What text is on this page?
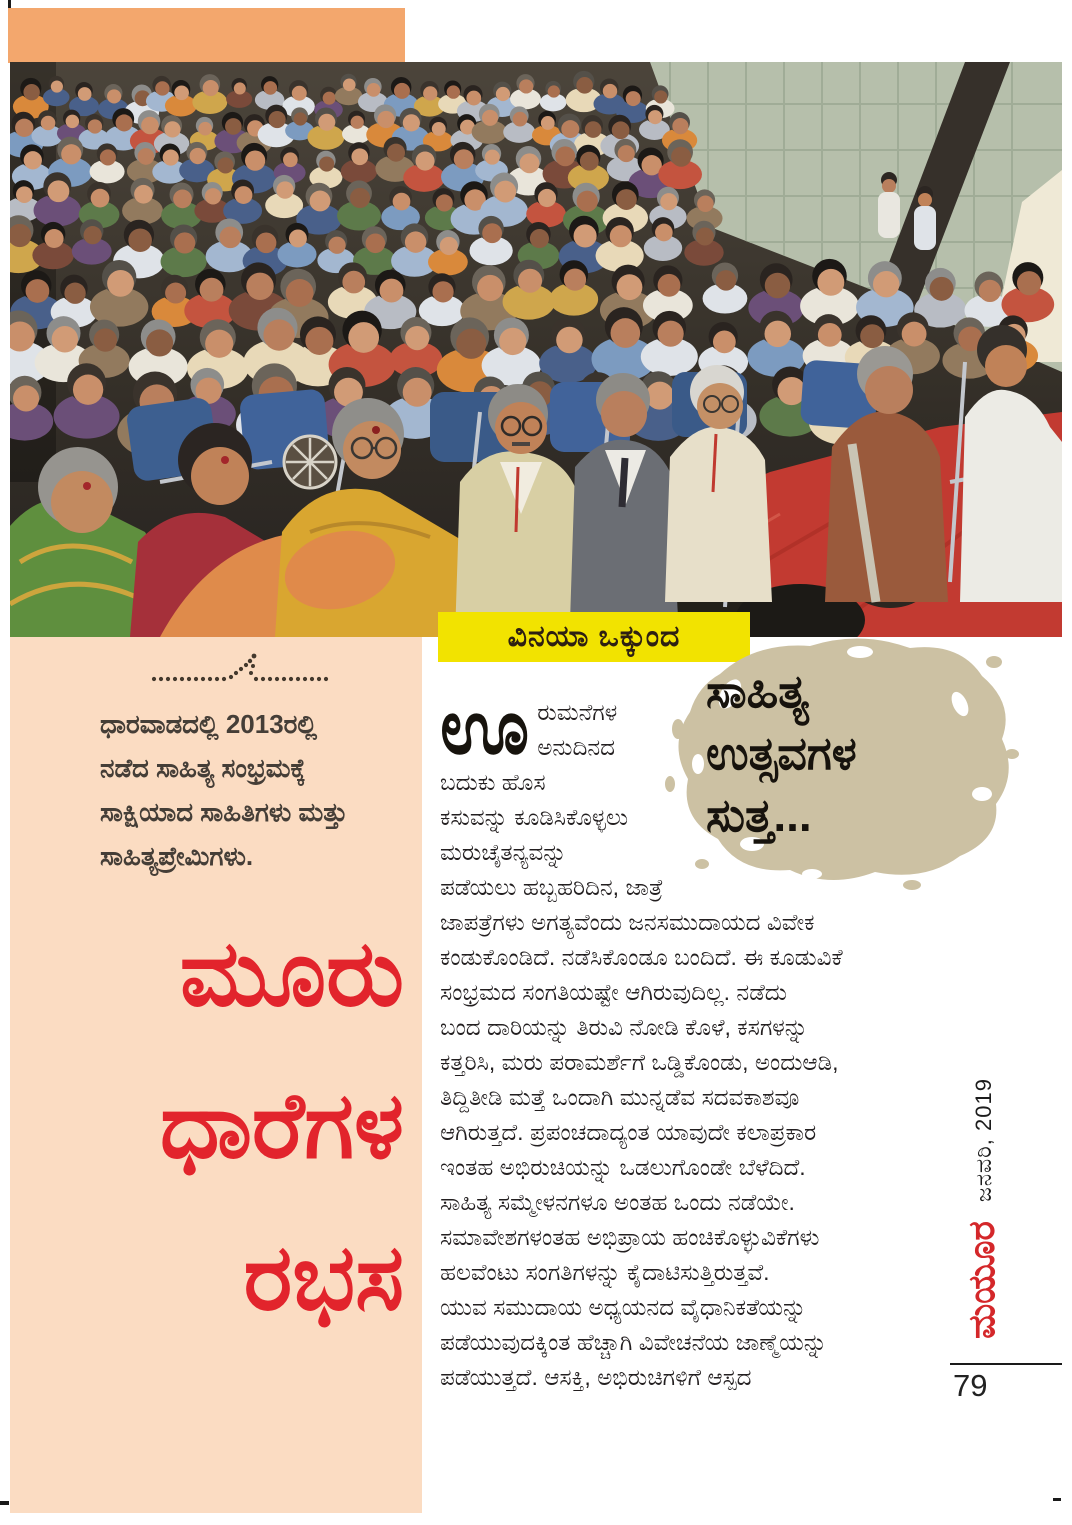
ವಿನಯಾ ಒಕ್ಕುಂದ
ಧಾರವಾಡದಲ್ಲಿ 2013ರಲ್ಲಿ
ನಡೆದ ಸಾಹಿತ್ಯ ಸಂಭ್ರಮಕ್ಕೆ
ಸಾಕ್ಷಿಯಾದ ಸಾಹಿತಿಗಳು ಮತ್ತು
ಸಾಹಿತ್ಯಪ್ರೇಮಿಗಳು.
ಮೂರು
ಧಾರೆಗಳ
ರಭಸ
ಸಾಹಿತ್ಯ
ಉತ್ಸವಗಳ
ಸುತ್ತ...
ಊ ರುಮನೆಗಳ
ಅನುದಿನದ
ಬದುಕು ಹೊಸ
ಕಸುವನ್ನು ಕೂಡಿಸಿಕೊಳ್ಳಲು
ಮರುಚೈತನ್ಯವನ್ನು
ಪಡೆಯಲು ಹಬ್ಬಹರಿದಿನ, ಜಾತ್ರೆ
ಜಾಪತ್ರೆಗಳು ಅಗತ್ಯವೆಂದು ಜನಸಮುದಾಯದ ವಿವೇಕ
ಕಂಡುಕೊಂಡಿದೆ. ನಡೆಸಿಕೊಂಡೂ ಬಂದಿದೆ. ಈ ಕೂಡುವಿಕೆ
ಸಂಭ್ರಮದ ಸಂಗತಿಯಷ್ಟೇ ಆಗಿರುವುದಿಲ್ಲ. ನಡೆದು
ಬಂದ ದಾರಿಯನ್ನು ತಿರುವಿ ನೋಡಿ ಕೊಳೆ, ಕಸಗಳನ್ನು
ಕತ್ತರಿಸಿ, ಮರು ಪರಾಮರ್ಶೆಗೆ ಒಡ್ಡಿಕೊಂಡು, ಅಂದುಆಡಿ,
ತಿದ್ದಿತೀಡಿ ಮತ್ತೆ ಒಂದಾಗಿ ಮುನ್ನಡೆವ ಸದವಕಾಶವೂ
ಆಗಿರುತ್ತದೆ. ಪ್ರಪಂಚದಾದ್ಯಂತ ಯಾವುದೇ ಕಲಾಪ್ರಕಾರ
ಇಂತಹ ಅಭಿರುಚಿಯನ್ನು ಒಡಲುಗೊಂಡೇ ಬೆಳೆದಿದೆ.
ಸಾಹಿತ್ಯ ಸಮ್ಮೇಳನಗಳೂ ಅಂತಹ ಒಂದು ನಡೆಯೇ.
ಸಮಾವೇಶಗಳಂತಹ ಅಭಿಪ್ರಾಯ ಹಂಚಿಕೊಳ್ಳುವಿಕೆಗಳು
ಹಲವೆಂಟು ಸಂಗತಿಗಳನ್ನು ಕೈದಾಟಿಸುತ್ತಿರುತ್ತವೆ.
ಯುವ ಸಮುದಾಯ ಅಧ್ಯಯನದ ವೈಧಾನಿಕತೆಯನ್ನು
ಪಡೆಯುವುದಕ್ಕಿಂತ ಹೆಚ್ಚಾಗಿ ವಿವೇಚನೆಯ ಜಾಣ್ಮೆಯನ್ನು
ಪಡೆಯುತ್ತದೆ. ಆಸಕ್ತಿ, ಅಭಿರುಚಿಗಳಿಗೆ ಆಸ್ಪದ
ಜನವರಿ, 2019
ಮಯೂರ
79
